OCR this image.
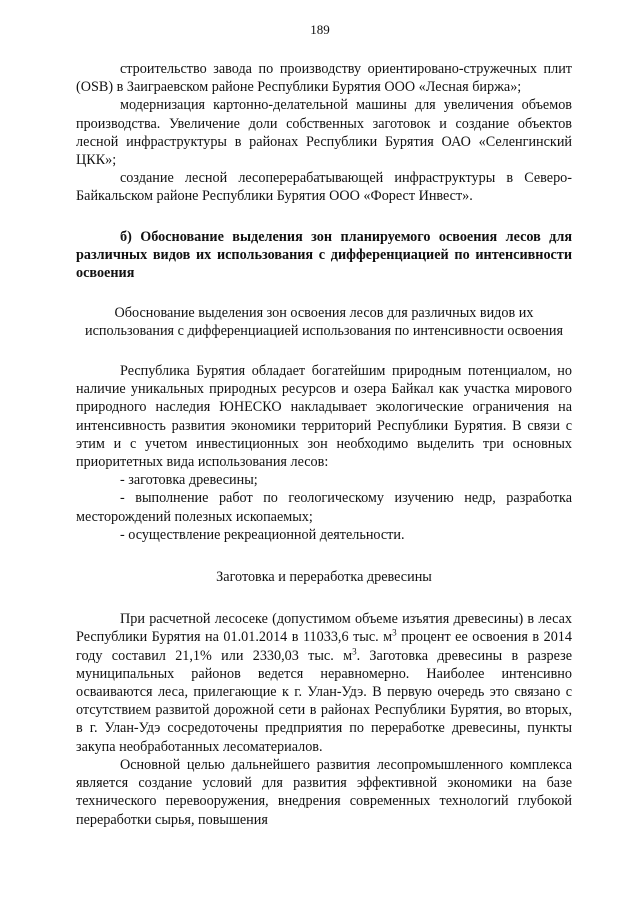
189

строительство завода по производству ориентировано-стружечных плит (OSB) в Заиграевском районе Республики Бурятия ООО «Лесная биржа»;

модернизация картонно-делательной машины для увеличения объемов производства. Увеличение доли собственных заготовок и создание объектов лесной инфраструктуры в районах Республики Бурятия ОАО «Селенгинский ЦКК»;

создание лесной лесоперерабатывающей инфраструктуры в Северо-Байкальском районе Республики Бурятия ООО «Форест Инвест».

б) Обоснование выделения зон планируемого освоения лесов для различных видов их использования с дифференциацией по интенсивности освоения

Обоснование выделения зон освоения лесов для различных видов их использования с дифференциацией использования по интенсивности освоения

Республика Бурятия обладает богатейшим природным потенциалом, но наличие уникальных природных ресурсов и озера Байкал как участка мирового природного наследия ЮНЕСКО накладывает экологические ограничения на интенсивность развития экономики территорий Республики Бурятия. В связи с этим и с учетом инвестиционных зон необходимо выделить три основных приоритетных вида использования лесов:

- заготовка древесины;

- выполнение работ по геологическому изучению недр, разработка месторождений полезных ископаемых;

- осуществление рекреационной деятельности.

Заготовка и переработка древесины

При расчетной лесосеке (допустимом объеме изъятия древесины) в лесах Республики Бурятия на 01.01.2014 в 11033,6 тыс. $м^3$ процент ее освоения в 2014 году составил 21,1% или 2330,03 тыс. $м^3$. Заготовка древесины в разрезе муниципальных районов ведется неравномерно. Наиболее интенсивно осваиваются леса, прилегающие к г. Улан-Удэ. В первую очередь это связано с отсутствием развитой дорожной сети в районах Республики Бурятия, во вторых, в г. Улан-Удэ сосредоточены предприятия по переработке древесины, пункты закупа необработанных лесоматериалов.

Основной целью дальнейшего развития лесопромышленного комплекса является создание условий для развития эффективной экономики на базе технического перевооружения, внедрения современных технологий глубокой переработки сырья, повышения
